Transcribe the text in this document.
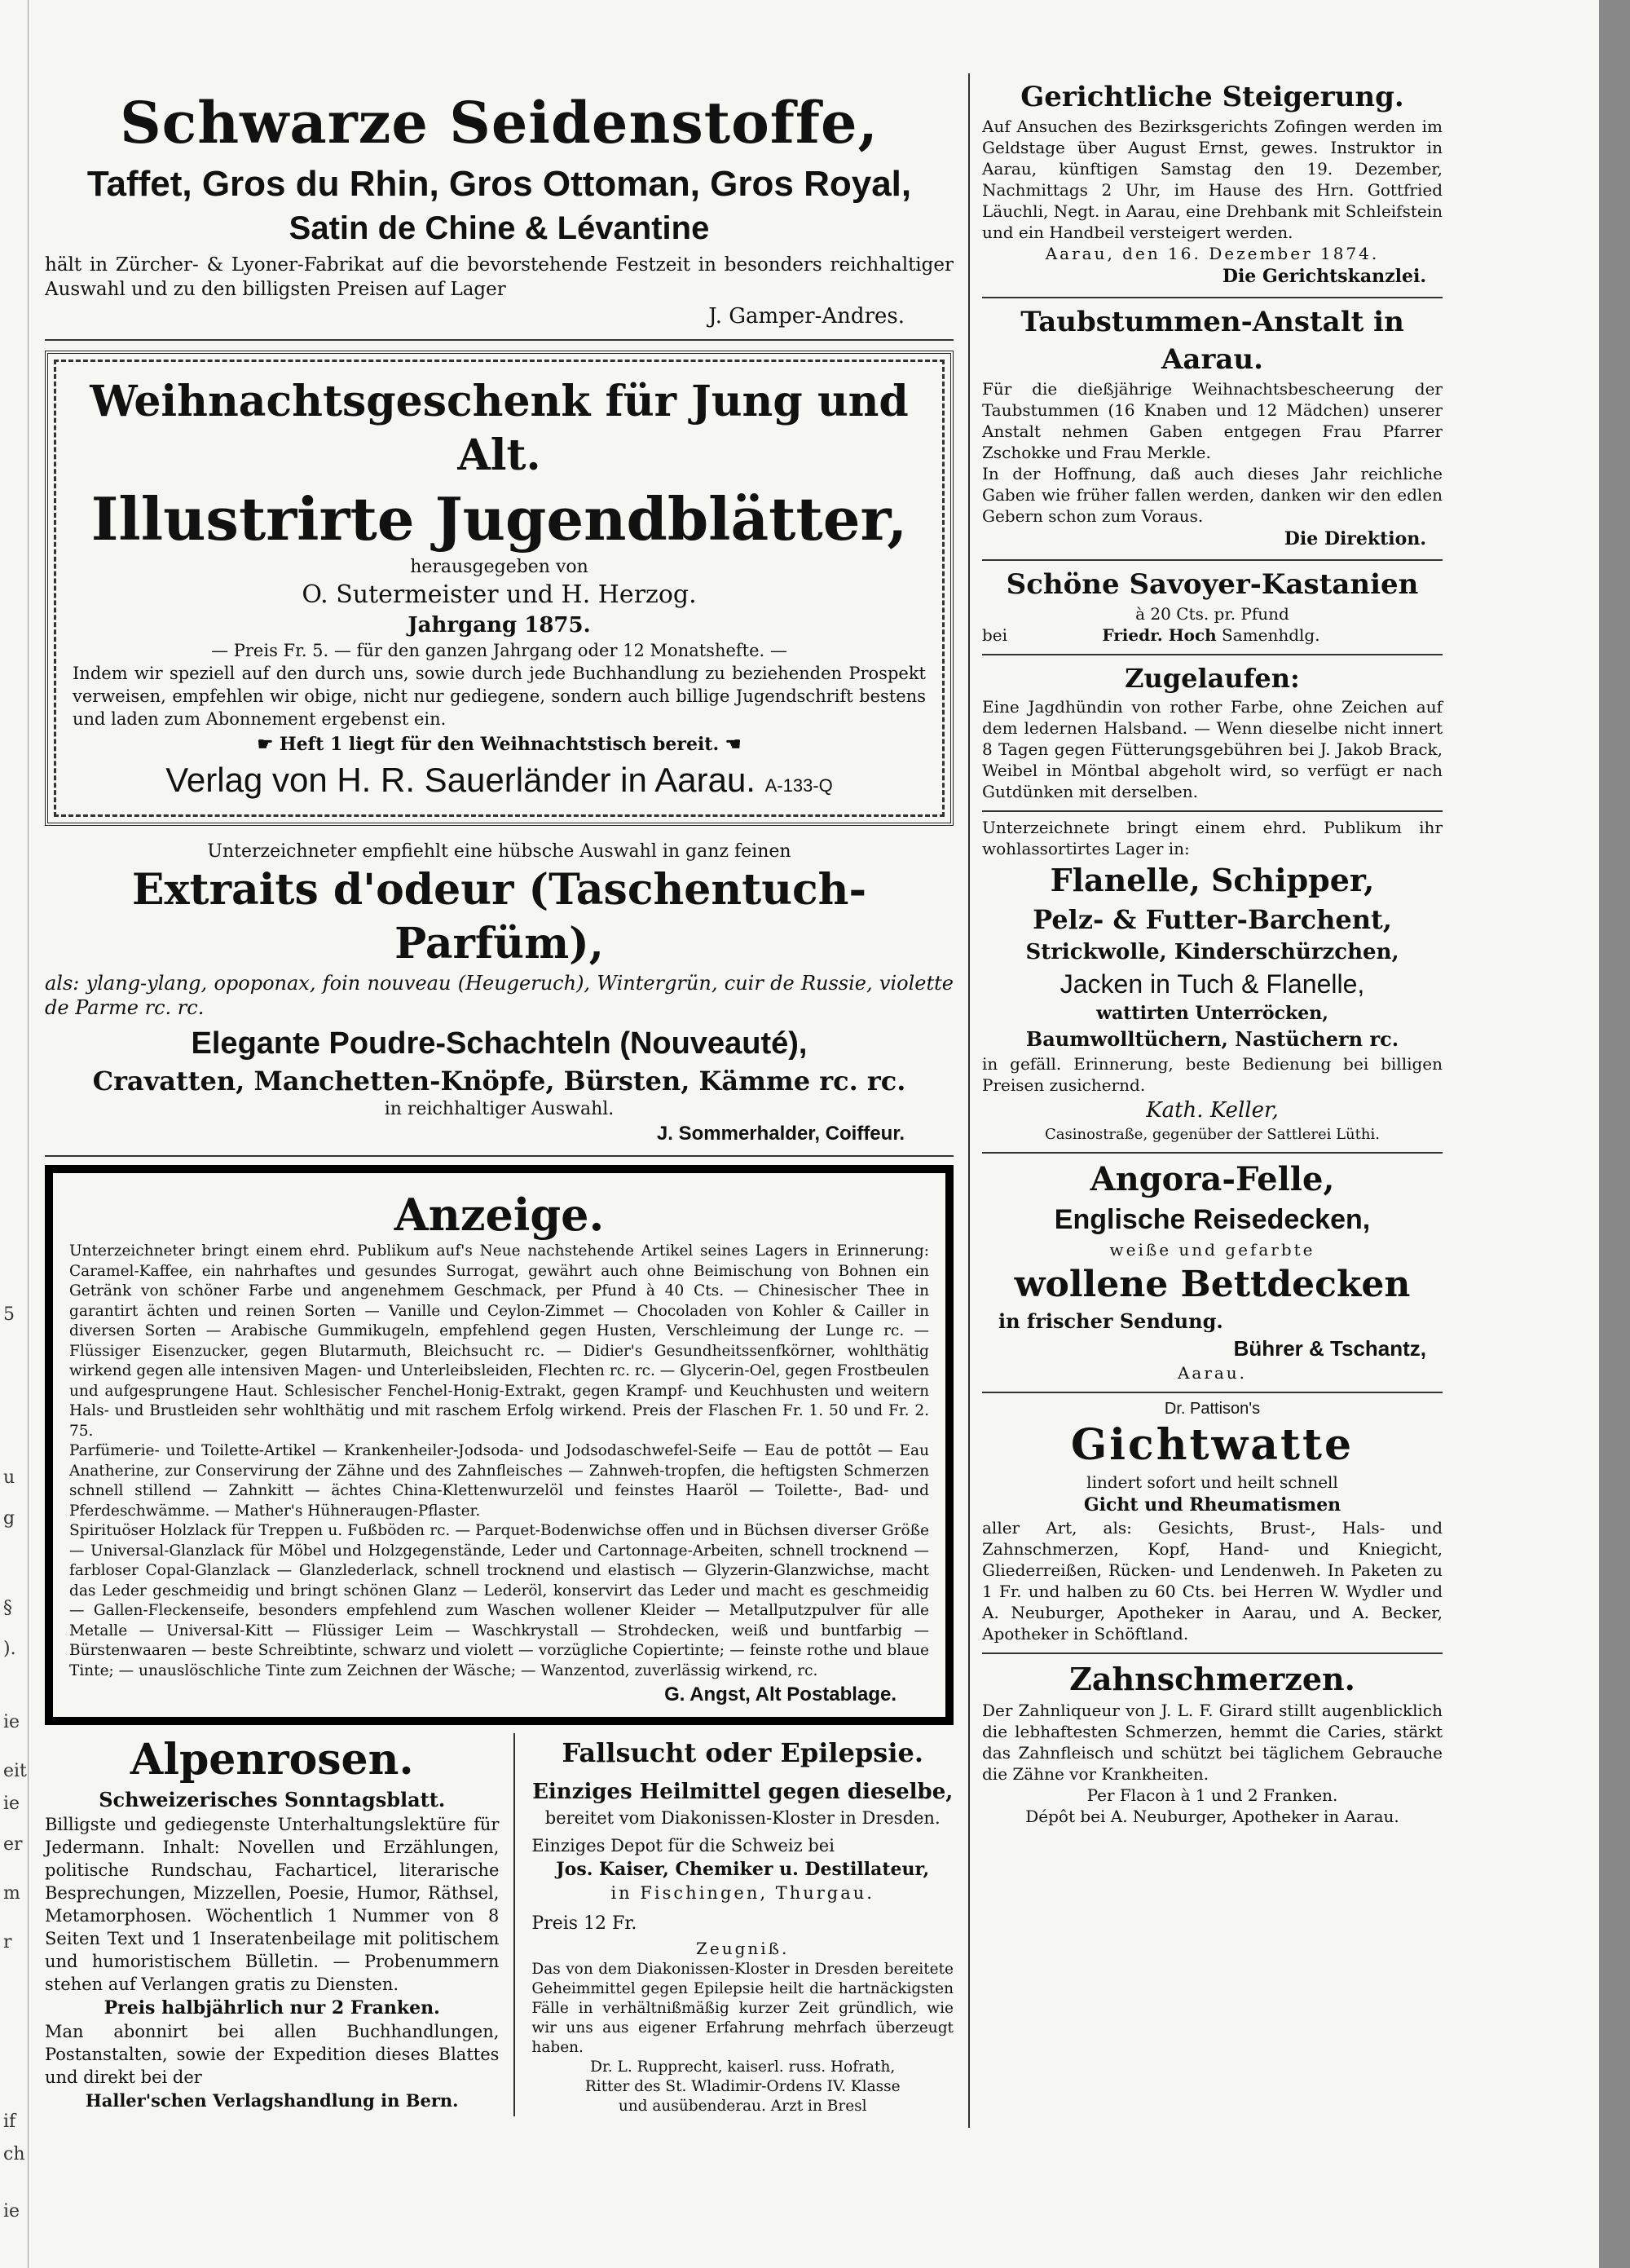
5
u
g
§
).
ie
eit
ie
er
m
r
if
ch
ie

Schwarze Seidenstoffe,

Taffet, Gros du Rhin, Gros Ottoman, Gros Royal,

Satin de Chine & Lévantine

hält in Zürcher- & Lyoner-Fabrikat auf die bevorstehende Festzeit in besonders reichhaltiger Auswahl und zu den billigsten Preisen auf Lager

J. Gamper-Andres.

Weihnachtsgeschenk für Jung und Alt.

Illustrirte Jugendblätter,

herausgegeben von

O. Sutermeister und H. Herzog.

Jahrgang 1875.

— Preis Fr. 5. — für den ganzen Jahrgang oder 12 Monatshefte. —

Indem wir speziell auf den durch uns, sowie durch jede Buchhandlung zu beziehenden Prospekt verweisen, empfehlen wir obige, nicht nur gediegene, sondern auch billige Jugendschrift bestens und laden zum Abonnement ergebenst ein.

☛ Heft 1 liegt für den Weihnachtstisch bereit. ☚

Verlag von H. R. Sauerländer in Aarau. A-133-Q

Unterzeichneter empfiehlt eine hübsche Auswahl in ganz feinen

Extraits d'odeur (Taschentuch-Parfüm),

als: ylang-ylang, opoponax, foin nouveau (Heugeruch), Wintergrün, cuir de Russie, violette de Parme rc. rc.

Elegante Poudre-Schachteln (Nouveauté),

Cravatten, Manchetten-Knöpfe, Bürsten, Kämme rc. rc.

in reichhaltiger Auswahl.

J. Sommerhalder, Coiffeur.

Anzeige.

Unterzeichneter bringt einem ehrd. Publikum auf's Neue nachstehende Artikel seines Lagers in Erinnerung: Caramel-Kaffee, ein nahrhaftes und gesundes Surrogat, gewährt auch ohne Beimischung von Bohnen ein Getränk von schöner Farbe und angenehmem Geschmack, per Pfund à 40 Cts. — Chinesischer Thee in garantirt ächten und reinen Sorten — Vanille und Ceylon-Zimmet — Chocoladen von Kohler & Cailler in diversen Sorten — Arabische Gummikugeln, empfehlend gegen Husten, Verschleimung der Lunge rc. — Flüssiger Eisenzucker, gegen Blutarmuth, Bleichsucht rc. — Didier's Gesundheitssenfkörner, wohlthätig wirkend gegen alle intensiven Magen- und Unterleibsleiden, Flechten rc. rc. — Glycerin-Oel, gegen Frostbeulen und aufgesprungene Haut. Schlesischer Fenchel-Honig-Extrakt, gegen Krampf- und Keuchhusten und weitern Hals- und Brustleiden sehr wohlthätig und mit raschem Erfolg wirkend. Preis der Flaschen Fr. 1. 50 und Fr. 2. 75.

Parfümerie- und Toilette-Artikel — Krankenheiler-Jodsoda- und Jodsodaschwefel-Seife — Eau de pottôt — Eau Anatherine, zur Conservirung der Zähne und des Zahnfleisches — Zahnweh-tropfen, die heftigsten Schmerzen schnell stillend — Zahnkitt — ächtes China-Klettenwurzelöl und feinstes Haaröl — Toilette-, Bad- und Pferdeschwämme. — Mather's Hühneraugen-Pflaster.

Spirituöser Holzlack für Treppen u. Fußböden rc. — Parquet-Bodenwichse offen und in Büchsen diverser Größe — Universal-Glanzlack für Möbel und Holzgegenstände, Leder und Cartonnage-Arbeiten, schnell trocknend — farbloser Copal-Glanzlack — Glanzlederlack, schnell trocknend und elastisch — Glyzerin-Glanzwichse, macht das Leder geschmeidig und bringt schönen Glanz — Lederöl, konservirt das Leder und macht es geschmeidig — Gallen-Fleckenseife, besonders empfehlend zum Waschen wollener Kleider — Metallputzpulver für alle Metalle — Universal-Kitt — Flüssiger Leim — Waschkrystall — Strohdecken, weiß und buntfarbig — Bürstenwaaren — beste Schreibtinte, schwarz und violett — vorzügliche Copiertinte; — feinste rothe und blaue Tinte; — unauslöschliche Tinte zum Zeichnen der Wäsche; — Wanzentod, zuverlässig wirkend, rc.

G. Angst, Alt Postablage.

Alpenrosen.

Schweizerisches Sonntagsblatt.

Billigste und gediegenste Unterhaltungslektüre für Jedermann. Inhalt: Novellen und Erzählungen, politische Rundschau, Facharticel, literarische Besprechungen, Mizzellen, Poesie, Humor, Räthsel, Metamorphosen. Wöchentlich 1 Nummer von 8 Seiten Text und 1 Inseratenbeilage mit politischem und humoristischem Bülletin. — Probenummern stehen auf Verlangen gratis zu Diensten.

Preis halbjährlich nur 2 Franken.

Man abonnirt bei allen Buchhandlungen, Postanstalten, sowie der Expedition dieses Blattes und direkt bei der

Haller'schen Verlagshandlung in Bern.

Fallsucht oder Epilepsie.

Einziges Heilmittel gegen dieselbe,

bereitet vom Diakonissen-Kloster in Dresden.

Einziges Depot für die Schweiz bei

Jos. Kaiser, Chemiker u. Destillateur,

in Fischingen, Thurgau.

Preis 12 Fr.

Zeugniß.

Das von dem Diakonissen-Kloster in Dresden bereitete Geheimmittel gegen Epilepsie heilt die hartnäckigsten Fälle in verhältnißmäßig kurzer Zeit gründlich, wie wir uns aus eigener Erfahrung mehrfach überzeugt haben.

Dr. L. Rupprecht, kaiserl. russ. Hofrath,

Ritter des St. Wladimir-Ordens IV. Klasse

und ausübenderau. Arzt in Bresl

Gerichtliche Steigerung.

Auf Ansuchen des Bezirksgerichts Zofingen werden im Geldstage über August Ernst, gewes. Instruktor in Aarau, künftigen Samstag den 19. Dezember, Nachmittags 2 Uhr, im Hause des Hrn. Gottfried Läuchli, Negt. in Aarau, eine Drehbank mit Schleifstein und ein Handbeil versteigert werden.

Aarau, den 16. Dezember 1874.

Die Gerichtskanzlei.

Taubstummen-Anstalt in Aarau.

Für die dießjährige Weihnachtsbescheerung der Taubstummen (16 Knaben und 12 Mädchen) unserer Anstalt nehmen Gaben entgegen Frau Pfarrer Zschokke und Frau Merkle.

In der Hoffnung, daß auch dieses Jahr reichliche Gaben wie früher fallen werden, danken wir den edlen Gebern schon zum Voraus.

Die Direktion.

Schöne Savoyer-Kastanien

à 20 Cts. pr. Pfund

bei	Friedr. Hoch Samenhdlg.

Zugelaufen:

Eine Jagdhündin von rother Farbe, ohne Zeichen auf dem ledernen Halsband. — Wenn dieselbe nicht innert 8 Tagen gegen Fütterungsgebühren bei J. Jakob Brack, Weibel in Möntbal abgeholt wird, so verfügt er nach Gutdünken mit derselben.

Unterzeichnete bringt einem ehrd. Publikum ihr wohlassortirtes Lager in:

Flanelle, Schipper,

Pelz- & Futter-Barchent,

Strickwolle, Kinderschürzchen,

Jacken in Tuch & Flanelle,

wattirten Unterröcken,

Baumwolltüchern, Nastüchern rc.

in gefäll. Erinnerung, beste Bedienung bei billigen Preisen zusichernd.

Kath. Keller,

Casinostraße, gegenüber der Sattlerei Lüthi.

Angora-Felle,

Englische Reisedecken,

weiße und gefarbte

wollene Bettdecken

in frischer Sendung.

Bührer & Tschantz,

Aarau.

Dr. Pattison's

Gichtwatte

lindert sofort und heilt schnell

Gicht und Rheumatismen

aller Art, als: Gesichts, Brust-, Hals- und Zahnschmerzen, Kopf, Hand- und Kniegicht, Gliederreißen, Rücken- und Lendenweh. In Paketen zu 1 Fr. und halben zu 60 Cts. bei Herren W. Wydler und A. Neuburger, Apotheker in Aarau, und A. Becker, Apotheker in Schöftland.

Zahnschmerzen.

Der Zahnliqueur von J. L. F. Girard stillt augenblicklich die lebhaftesten Schmerzen, hemmt die Caries, stärkt das Zahnfleisch und schützt bei täglichem Gebrauche die Zähne vor Krankheiten.

Per Flacon à 1 und 2 Franken.

Dépôt bei A. Neuburger, Apotheker in Aarau.
